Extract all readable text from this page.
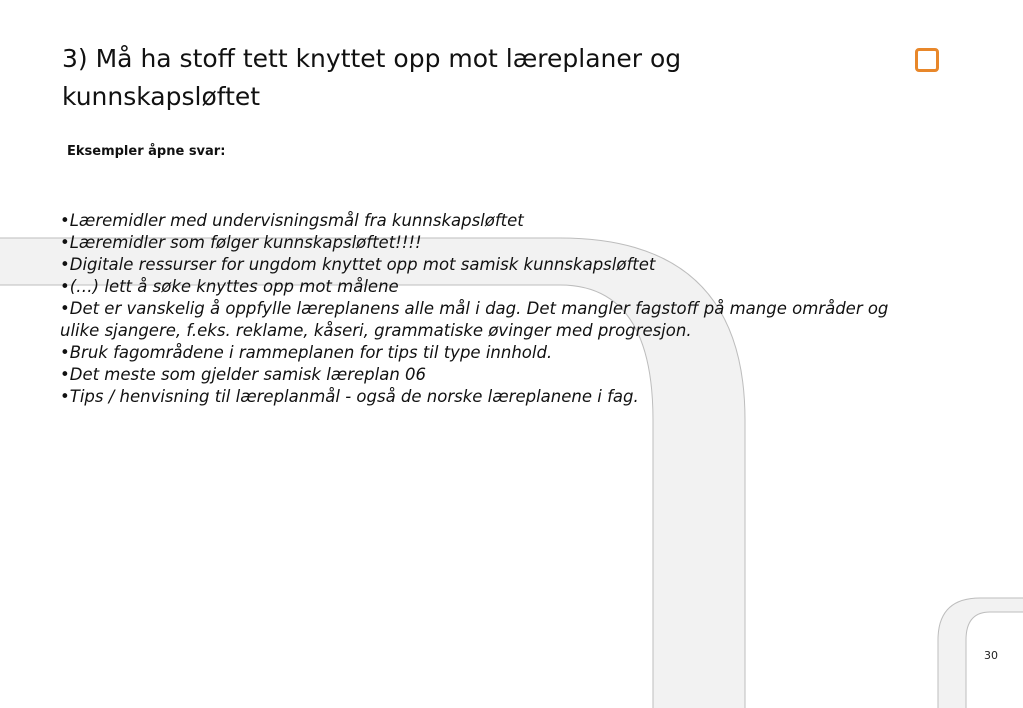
3) Må ha stoff tett knyttet opp mot læreplaner og
kunnskapsløftet
Eksempler åpne svar:
•Læremidler med undervisningsmål fra kunnskapsløftet
•Læremidler som følger kunnskapsløftet!!!!
•Digitale ressurser for ungdom knyttet opp mot samisk kunnskapsløftet
•(…) lett å søke knyttes opp mot målene
•Det er vanskelig å oppfylle læreplanens alle mål i dag. Det mangler fagstoff på mange områder og ulike sjangere, f.eks. reklame, kåseri, grammatiske øvinger med progresjon.
•Bruk fagområdene i rammeplanen for tips til type innhold.
•Det meste som gjelder samisk læreplan 06
•Tips / henvisning til læreplanmål - også de norske læreplanene i fag.
30
